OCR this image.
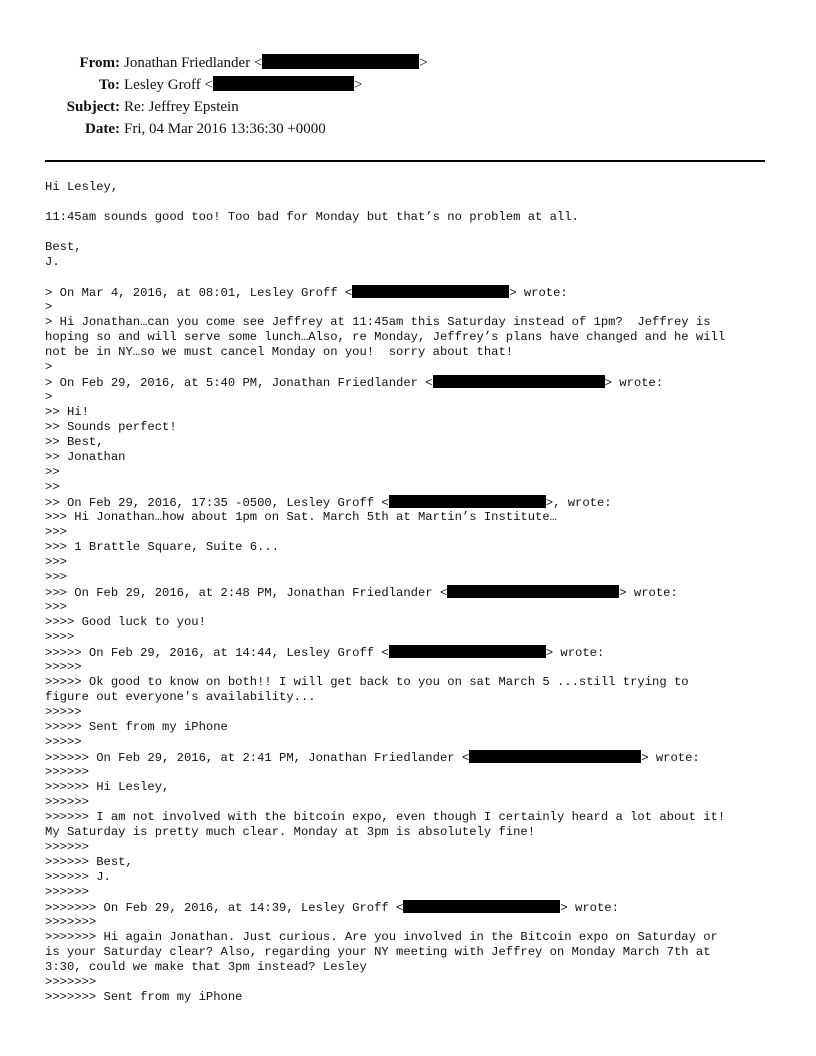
From: Jonathan Friedlander <	>
To: Lesley Groff <	>
Subject: Re: Jeffrey Epstein
Date: Fri, 04 Mar 2016 13:36:30 +0000
Hi Lesley,
11:45am sounds good too! Too bad for Monday but that’s no problem at all.
Best,
J.
> On Mar 4, 2016, at 08:01, Lesley Groff <	> wrote:
>
> Hi Jonathan…can you come see Jeffrey at 11:45am this Saturday instead of 1pm?  Jeffrey is
hoping so and will serve some lunch…Also, re Monday, Jeffrey’s plans have changed and he will
not be in NY…so we must cancel Monday on you!  sorry about that!
>
> On Feb 29, 2016, at 5:40 PM, Jonathan Friedlander <	> wrote:
>
>> Hi!
>> Sounds perfect!
>> Best,
>> Jonathan
>>
>>
>> On Feb 29, 2016, 17:35 -0500, Lesley Groff <	>, wrote:
>>> Hi Jonathan…how about 1pm on Sat. March 5th at Martin’s Institute…
>>>
>>> 1 Brattle Square, Suite 6...
>>>
>>>
>>> On Feb 29, 2016, at 2:48 PM, Jonathan Friedlander <	> wrote:
>>>
>>>> Good luck to you!
>>>>
>>>>> On Feb 29, 2016, at 14:44, Lesley Groff <	> wrote:
>>>>>
>>>>> Ok good to know on both!! I will get back to you on sat March 5 ...still trying to
figure out everyone's availability...
>>>>>
>>>>> Sent from my iPhone
>>>>>
>>>>>> On Feb 29, 2016, at 2:41 PM, Jonathan Friedlander <	> wrote:
>>>>>>
>>>>>> Hi Lesley,
>>>>>>
>>>>>> I am not involved with the bitcoin expo, even though I certainly heard a lot about it!
My Saturday is pretty much clear. Monday at 3pm is absolutely fine!
>>>>>>
>>>>>> Best,
>>>>>> J.
>>>>>>
>>>>>>> On Feb 29, 2016, at 14:39, Lesley Groff <	> wrote:
>>>>>>>
>>>>>>> Hi again Jonathan. Just curious. Are you involved in the Bitcoin expo on Saturday or
is your Saturday clear? Also, regarding your NY meeting with Jeffrey on Monday March 7th at
3:30, could we make that 3pm instead? Lesley
>>>>>>>
>>>>>>> Sent from my iPhone
